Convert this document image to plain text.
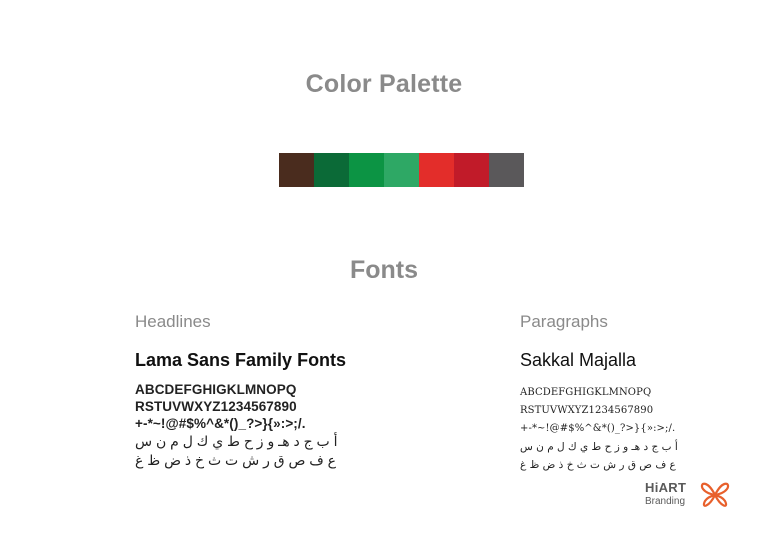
Color Palette
Fonts
Headlines
Lama Sans Family Fonts
ABCDEFGHIGKLMNOPQ
RSTUVWXYZ1234567890
+-*~!@#$%^&*()_?>}{»:>;/.
أ ب ج د هـ و ز ح ط ي ك ل م ن س
ع ف ص ق ر ش ت ث خ ذ ض ظ غ
Paragraphs
Sakkal Majalla
ABCDEFGHIGKLMNOPQ
RSTUVWXYZ1234567890
+-*~!@#$%^&*()_?>}{»:>;/.
أ ب ج د هـ و ز ح ط ي ك ل م ن س
ع ف ص ق ر ش ت ث خ ذ ض ظ غ
HiART
Branding
